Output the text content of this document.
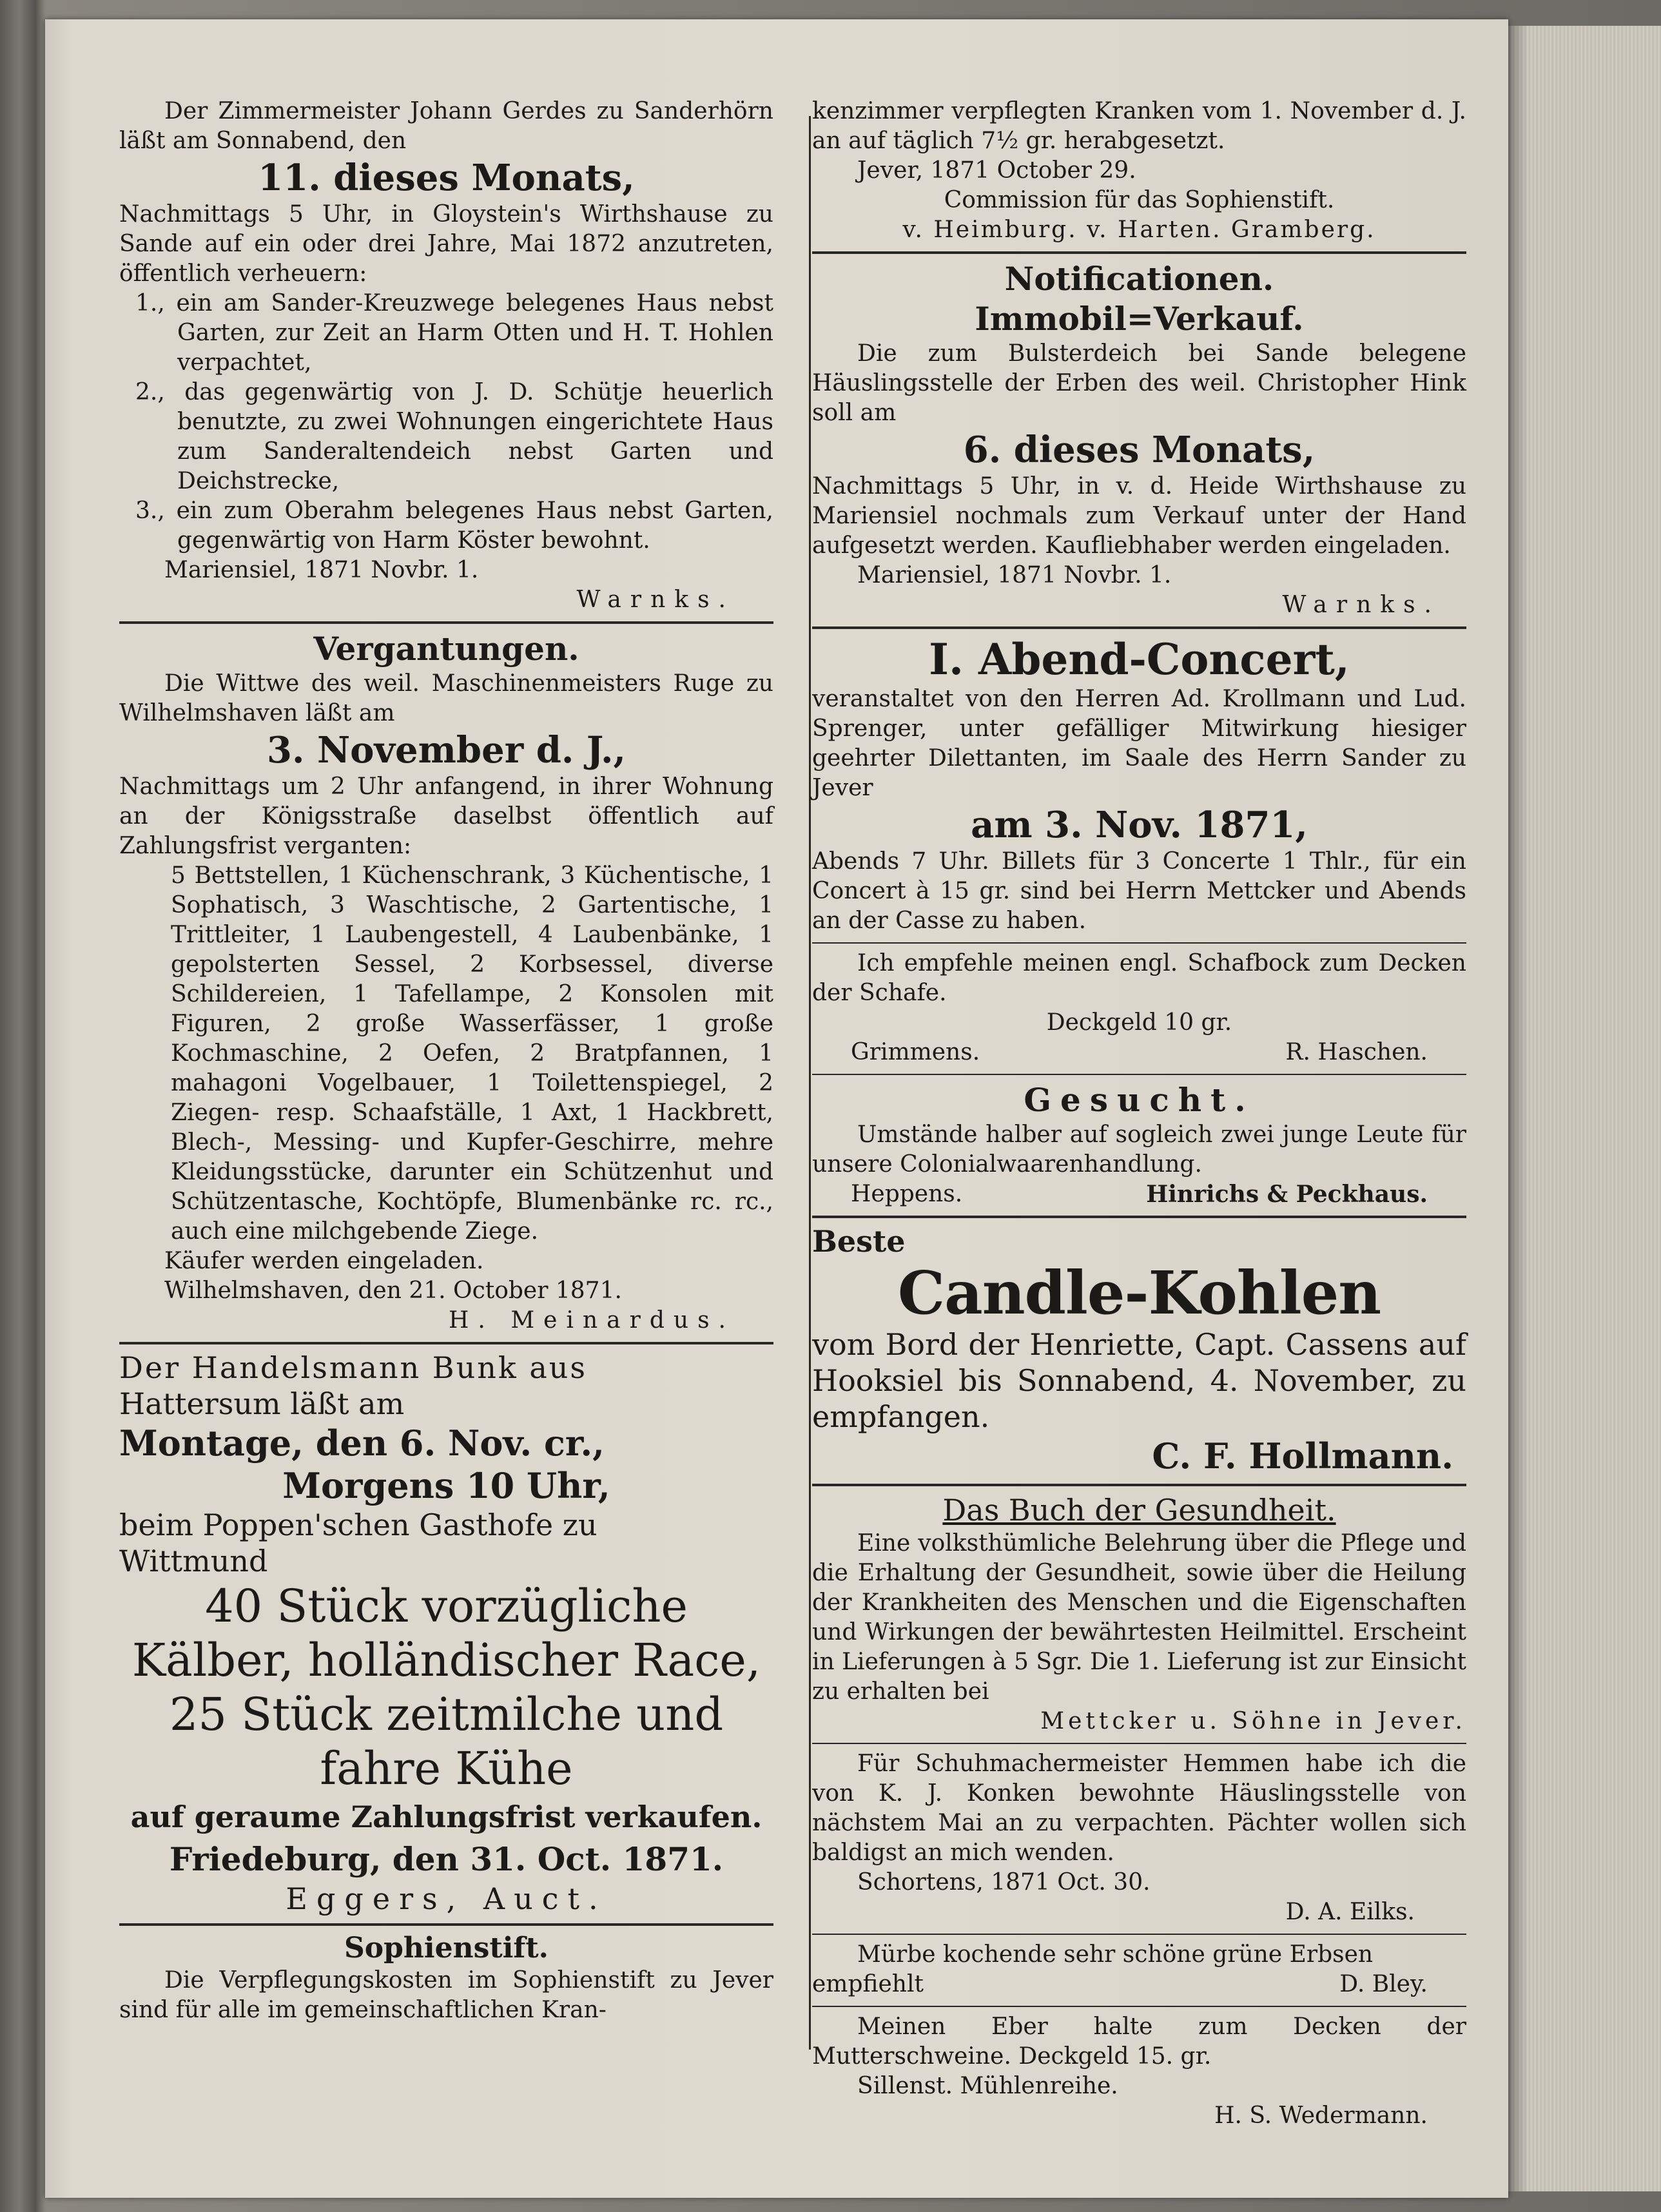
Der Zimmermeister Johann Gerdes zu Sanderhörn läßt am Sonnabend, den

11. dieses Monats,

Nachmittags 5 Uhr, in Gloystein's Wirthshause zu Sande auf ein oder drei Jahre, Mai 1872 anzutreten, öffentlich verheuern:

1., ein am Sander-Kreuzwege belegenes Haus nebst Garten, zur Zeit an Harm Otten und H. T. Hohlen verpachtet,

2., das gegenwärtig von J. D. Schütje heuerlich benutzte, zu zwei Wohnungen eingerichtete Haus zum Sanderaltendeich nebst Garten und Deichstrecke,

3., ein zum Oberahm belegenes Haus nebst Garten, gegenwärtig von Harm Köster bewohnt.

Mariensiel, 1871 Novbr. 1.

Warnks.

Vergantungen.

Die Wittwe des weil. Maschinenmeisters Ruge zu Wilhelmshaven läßt am

3. November d. J.,

Nachmittags um 2 Uhr anfangend, in ihrer Wohnung an der Königsstraße daselbst öffentlich auf Zahlungsfrist verganten:

5 Bettstellen, 1 Küchenschrank, 3 Küchentische, 1 Sophatisch, 3 Waschtische, 2 Gartentische, 1 Trittleiter, 1 Laubengestell, 4 Laubenbänke, 1 gepolsterten Sessel, 2 Korbsessel, diverse Schildereien, 1 Tafellampe, 2 Konsolen mit Figuren, 2 große Wasserfässer, 1 große Kochmaschine, 2 Oefen, 2 Bratpfannen, 1 mahagoni Vogelbauer, 1 Toilettenspiegel, 2 Ziegen- resp. Schaafställe, 1 Axt, 1 Hackbrett, Blech-, Messing- und Kupfer-Geschirre, mehre Kleidungsstücke, darunter ein Schützenhut und Schützentasche, Kochtöpfe, Blumenbänke rc. rc., auch eine milchgebende Ziege.

Käufer werden eingeladen.

Wilhelmshaven, den 21. October 1871.

H. Meinardus.

Der Handelsmann Bunk aus

Hattersum läßt am

Montage, den 6. Nov. cr.,

Morgens 10 Uhr,

beim Poppen'schen Gasthofe zu

Wittmund

40 Stück vorzügliche Kälber, holländischer Race,

25 Stück zeitmilche und fahre Kühe

auf geraume Zahlungsfrist verkaufen.

Friedeburg, den 31. Oct. 1871.

Eggers, Auct.

Sophienstift.

Die Verpflegungskosten im Sophienstift zu Jever sind für alle im gemeinschaftlichen Kran-

kenzimmer verpflegten Kranken vom 1. November d. J. an auf täglich 7½ gr. herabgesetzt.

Jever, 1871 October 29.

Commission für das Sophienstift.

v. Heimburg. v. Harten. Gramberg.

Notificationen.

Immobil=Verkauf.

Die zum Bulsterdeich bei Sande belegene Häuslingsstelle der Erben des weil. Christopher Hink soll am

6. dieses Monats,

Nachmittags 5 Uhr, in v. d. Heide Wirthshause zu Mariensiel nochmals zum Verkauf unter der Hand aufgesetzt werden. Kaufliebhaber werden eingeladen.

Mariensiel, 1871 Novbr. 1.

Warnks.

I. Abend-Concert,

veranstaltet von den Herren Ad. Krollmann und Lud. Sprenger, unter gefälliger Mitwirkung hiesiger geehrter Dilettanten, im Saale des Herrn Sander zu Jever

am 3. Nov. 1871,

Abends 7 Uhr. Billets für 3 Concerte 1 Thlr., für ein Concert à 15 gr. sind bei Herrn Mettcker und Abends an der Casse zu haben.

Ich empfehle meinen engl. Schafbock zum Decken der Schafe.

Deckgeld 10 gr.

Grimmens.	R. Haschen.

Gesucht.

Umstände halber auf sogleich zwei junge Leute für unsere Colonialwaarenhandlung.

Heppens.	Hinrichs & Peckhaus.

Beste

Candle-Kohlen

vom Bord der Henriette, Capt. Cassens auf Hooksiel bis Sonnabend, 4. November, zu empfangen.

C. F. Hollmann.

Das Buch der Gesundheit.

Eine volksthümliche Belehrung über die Pflege und die Erhaltung der Gesundheit, sowie über die Heilung der Krankheiten des Menschen und die Eigenschaften und Wirkungen der bewährtesten Heilmittel. Erscheint in Lieferungen à 5 Sgr. Die 1. Lieferung ist zur Einsicht zu erhalten bei

Mettcker u. Söhne in Jever.

Für Schuhmachermeister Hemmen habe ich die von K. J. Konken bewohnte Häuslingsstelle von nächstem Mai an zu verpachten. Pächter wollen sich baldigst an mich wenden.

Schortens, 1871 Oct. 30.

D. A. Eilks.

Mürbe kochende sehr schöne grüne Erbsen

empfiehlt	D. Bley.

Meinen Eber halte zum Decken der Mutterschweine. Deckgeld 15. gr.

Sillenst. Mühlenreihe.

H. S. Wedermann.
